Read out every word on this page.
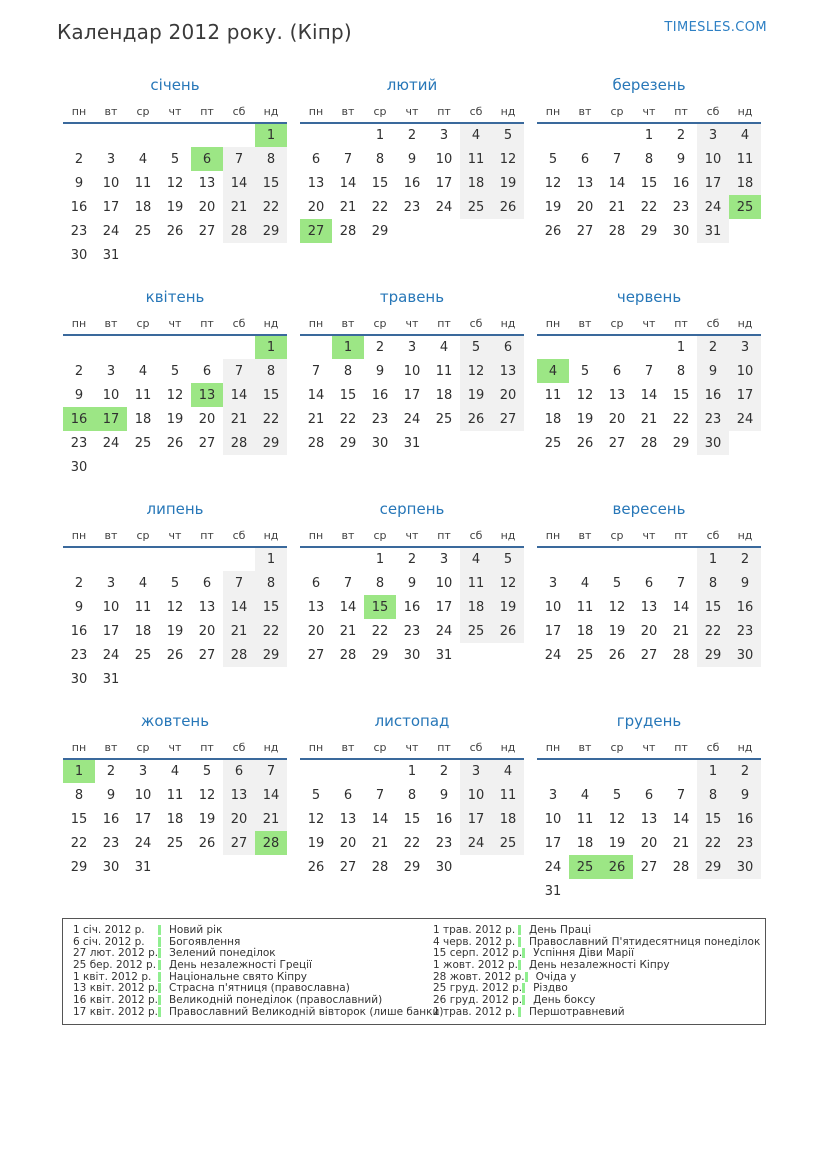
Календар 2012 року. (Кіпр)	TIMESLES.COM
січень
пн	вт	ср	чт	пт	сб	нд
						1
2	3	4	5	6	7	8
9	10	11	12	13	14	15
16	17	18	19	20	21	22
23	24	25	26	27	28	29
30	31					
лютий
пн	вт	ср	чт	пт	сб	нд
		1	2	3	4	5
6	7	8	9	10	11	12
13	14	15	16	17	18	19
20	21	22	23	24	25	26
27	28	29				

березень
пн	вт	ср	чт	пт	сб	нд
			1	2	3	4
5	6	7	8	9	10	11
12	13	14	15	16	17	18
19	20	21	22	23	24	25
26	27	28	29	30	31	

квітень
пн	вт	ср	чт	пт	сб	нд
						1
2	3	4	5	6	7	8
9	10	11	12	13	14	15
16	17	18	19	20	21	22
23	24	25	26	27	28	29
30						
травень
пн	вт	ср	чт	пт	сб	нд
	1	2	3	4	5	6
7	8	9	10	11	12	13
14	15	16	17	18	19	20
21	22	23	24	25	26	27
28	29	30	31			

червень
пн	вт	ср	чт	пт	сб	нд
				1	2	3
4	5	6	7	8	9	10
11	12	13	14	15	16	17
18	19	20	21	22	23	24
25	26	27	28	29	30	

липень
пн	вт	ср	чт	пт	сб	нд
						1
2	3	4	5	6	7	8
9	10	11	12	13	14	15
16	17	18	19	20	21	22
23	24	25	26	27	28	29
30	31					
серпень
пн	вт	ср	чт	пт	сб	нд
		1	2	3	4	5
6	7	8	9	10	11	12
13	14	15	16	17	18	19
20	21	22	23	24	25	26
27	28	29	30	31		

вересень
пн	вт	ср	чт	пт	сб	нд
					1	2
3	4	5	6	7	8	9
10	11	12	13	14	15	16
17	18	19	20	21	22	23
24	25	26	27	28	29	30

жовтень
пн	вт	ср	чт	пт	сб	нд
1	2	3	4	5	6	7
8	9	10	11	12	13	14
15	16	17	18	19	20	21
22	23	24	25	26	27	28
29	30	31				

листопад
пн	вт	ср	чт	пт	сб	нд
			1	2	3	4
5	6	7	8	9	10	11
12	13	14	15	16	17	18
19	20	21	22	23	24	25
26	27	28	29	30		

грудень
пн	вт	ср	чт	пт	сб	нд
					1	2
3	4	5	6	7	8	9
10	11	12	13	14	15	16
17	18	19	20	21	22	23
24	25	26	27	28	29	30
31						
1 січ. 2012 р.	Новий рік
6 січ. 2012 р.	Богоявлення
27 лют. 2012 р. Зелений понеділок
25 бер. 2012 р. День незалежності Греції
1 квіт. 2012 р.	Національне свято Кіпру
13 квіт. 2012 р. Страсна п'ятниця (православна)
16 квіт. 2012 р. Великодній понеділок (православний)
17 квіт. 2012 р. Православний Великодній вівторок (лише банки)
1 трав. 2012 р. День Праці
4 черв. 2012 р. Православний П'ятидесятниця понеділок
15 серп. 2012 р. Успіння Діви Марії
1 жовт. 2012 р. День незалежності Кіпру
28 жовт. 2012 р. Очіда у
25 груд. 2012 р. Різдво
26 груд. 2012 р. День боксу
1 трав. 2012 р. Першотравневий
